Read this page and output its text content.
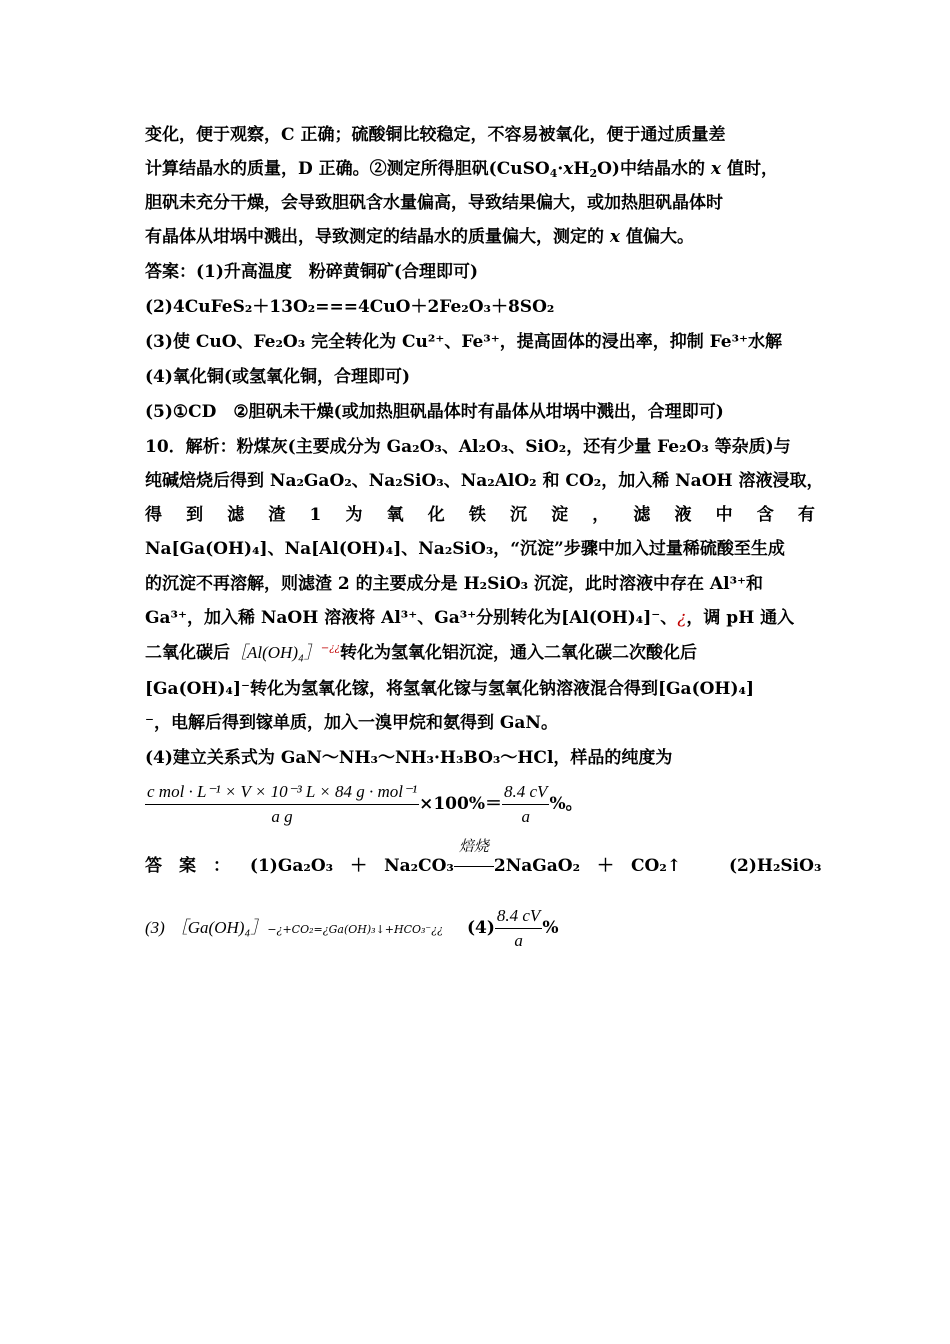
变化，便于观察，C 正确；硫酸铜比较稳定，不容易被氧化，便于通过质量差
计算结晶水的质量，D 正确。②测定所得胆矾$(CuSO_4\cdot xH_2O)$中结晶水的 x 值时，
胆矾未充分干燥，会导致胆矾含水量偏高，导致结果偏大，或加热胆矾晶体时
有晶体从坩埚中溅出，导致测定的结晶水的质量偏大，测定的 x 值偏大。
答案：(1)升高温度　粉碎黄铜矿(合理即可)
(2)4CuFeS₂＋13O₂===4CuO＋2Fe₂O₃＋8SO₂
(3)使 CuO、Fe₂O₃ 完全转化为 Cu²⁺、Fe³⁺，提高固体的浸出率，抑制 Fe³⁺水解
(4)氧化铜(或氢氧化铜，合理即可)
(5)①CD　②胆矾未干燥(或加热胆矾晶体时有晶体从坩埚中溅出，合理即可)
10．解析：粉煤灰(主要成分为 Ga₂O₃、Al₂O₃、SiO₂，还有少量 Fe₂O₃ 等杂质)与
纯碱焙烧后得到 Na₂GaO₂、Na₂SiO₃、Na₂AlO₂ 和 CO₂，加入稀 NaOH 溶液浸取，
得 到 滤 渣 1 为 氧 化 铁 沉 淀 ， 滤 液 中 含 有
Na[Ga(OH)₄]、Na[Al(OH)₄]、Na₂SiO₃，“沉淀”步骤中加入过量稀硫酸至生成
的沉淀不再溶解，则滤渣 2 的主要成分是 H₂SiO₃ 沉淀，此时溶液中存在 Al³⁺和
Ga³⁺，加入稀 NaOH 溶液将 Al³⁺、Ga³⁺分别转化为[Al(OH)₄]⁻、¿，调 pH 通入
二氧化碳后［Al(OH)₄］−¿¿转化为氢氧化铝沉淀，通入二氧化碳二次酸化后
[Ga(OH)₄]⁻转化为氢氧化镓，将氢氧化镓与氢氧化钠溶液混合得到[Ga(OH)₄]
⁻，电解后得到镓单质，加入一溴甲烷和氨得到 GaN。
(4)建立关系式为 GaN～NH₃～NH₃·H₃BO₃～HCl，样品的纯度为
$\frac{\text{c mol · L⁻¹ × V × 10⁻³ L × 84 g · mol⁻¹}}{\text{a g}} \times 100\%= \frac{8.4 cV}{a}$ %。
答　案　： (1)Ga₂O₃　＋　Na₂CO₃
焙烧
2NaGaO₂　＋　CO₂↑	(2)H₂SiO₃
(3) ［Ga(OH)₄］−¿+CO₂=¿Ga(OH)₃↓+HCO₃⁻¿¿ $(4) \frac{8.4 cV}{a}$ %
